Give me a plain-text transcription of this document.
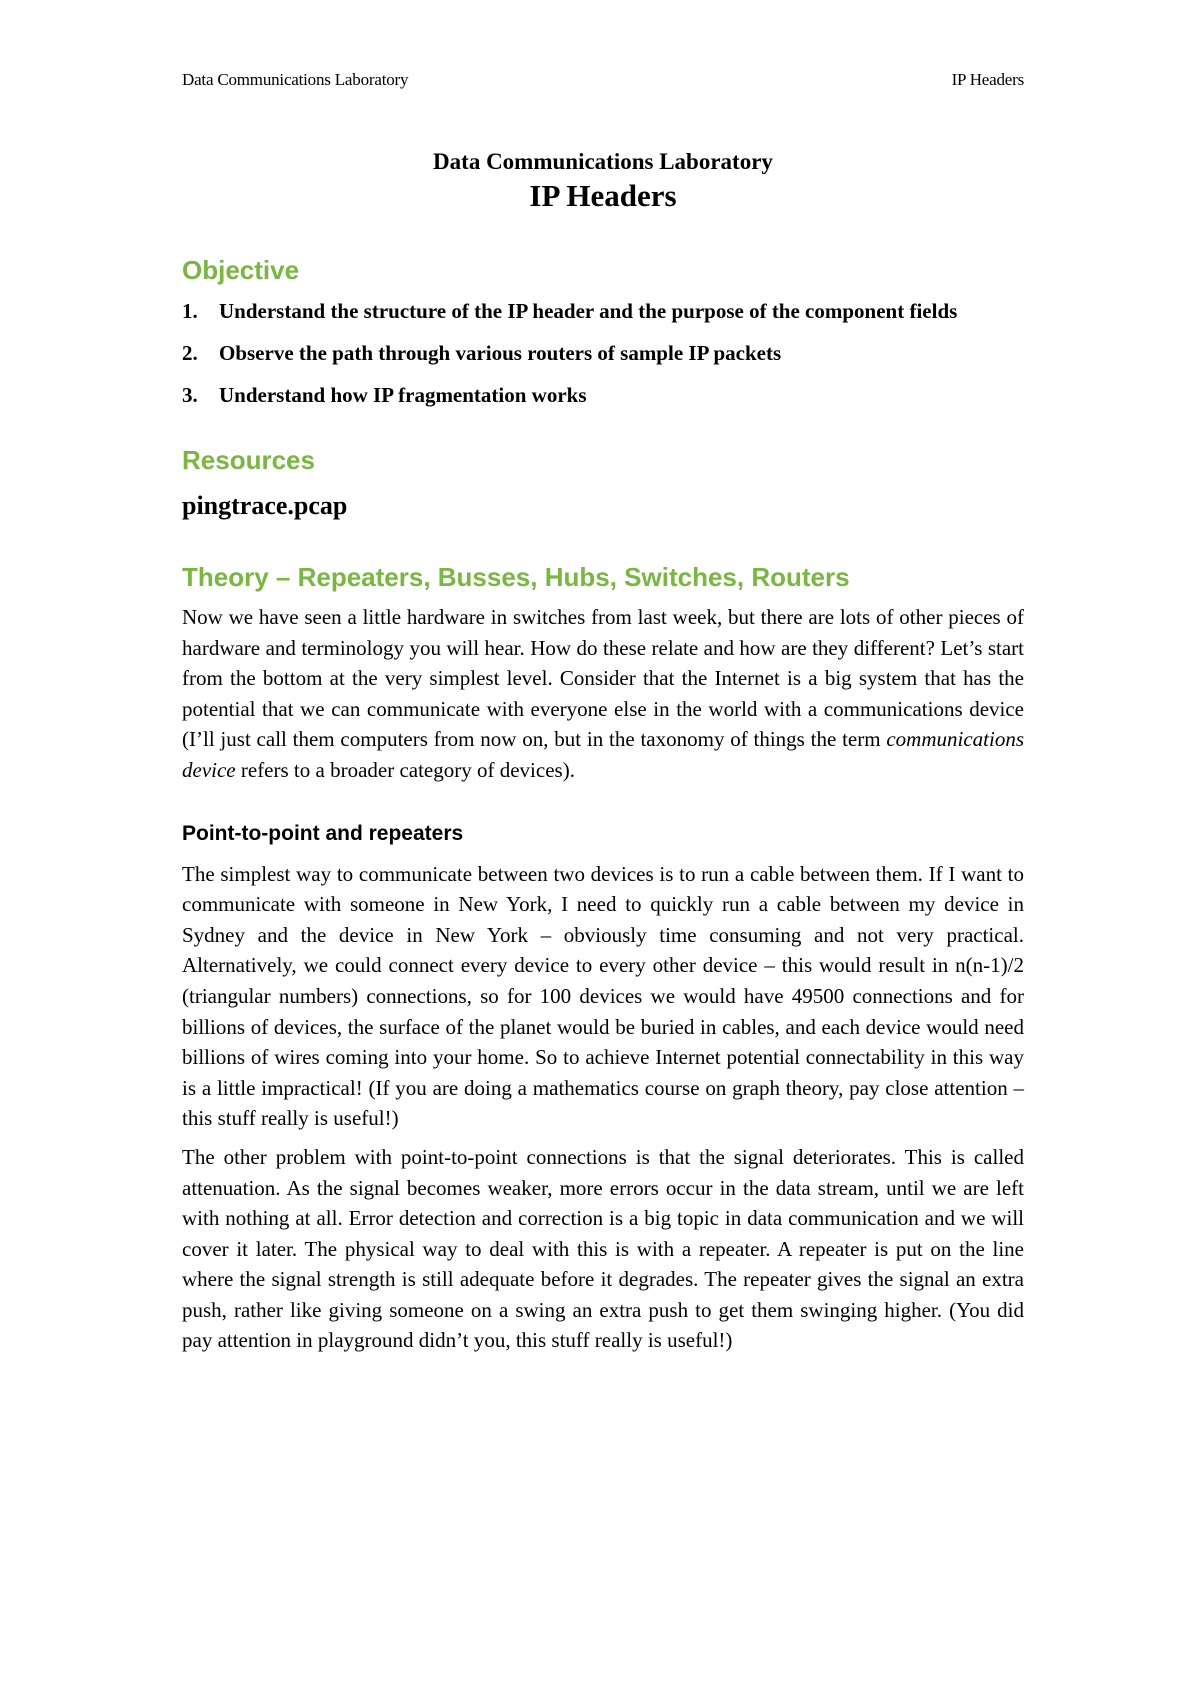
Data Communications Laboratory	IP Headers
Data Communications Laboratory
IP Headers
Objective
1.	Understand the structure of the IP header and the purpose of the component fields
2.	Observe the path through various routers of sample IP packets
3.	Understand how IP fragmentation works
Resources
pingtrace.pcap
Theory – Repeaters, Busses, Hubs, Switches, Routers

Now we have seen a little hardware in switches from last week, but there are lots of other pieces of hardware and terminology you will hear. How do these relate and how are they different? Let’s start from the bottom at the very simplest level. Consider that the Internet is a big system that has the potential that we can communicate with everyone else in the world with a communications device (I’ll just call them computers from now on, but in the taxonomy of things the term communications device refers to a broader category of devices).

Point-to-point and repeaters

The simplest way to communicate between two devices is to run a cable between them. If I want to communicate with someone in New York, I need to quickly run a cable between my device in Sydney and the device in New York – obviously time consuming and not very practical. Alternatively, we could connect every device to every other device – this would result in n(n-1)/2 (triangular numbers) connections, so for 100 devices we would have 49500 connections and for billions of devices, the surface of the planet would be buried in cables, and each device would need billions of wires coming into your home. So to achieve Internet potential connectability in this way is a little impractical! (If you are doing a mathematics course on graph theory, pay close attention – this stuff really is useful!)

The other problem with point-to-point connections is that the signal deteriorates. This is called attenuation. As the signal becomes weaker, more errors occur in the data stream, until we are left with nothing at all. Error detection and correction is a big topic in data communication and we will cover it later. The physical way to deal with this is with a repeater. A repeater is put on the line where the signal strength is still adequate before it degrades. The repeater gives the signal an extra push, rather like giving someone on a swing an extra push to get them swinging higher. (You did pay attention in playground didn’t you, this stuff really is useful!)
